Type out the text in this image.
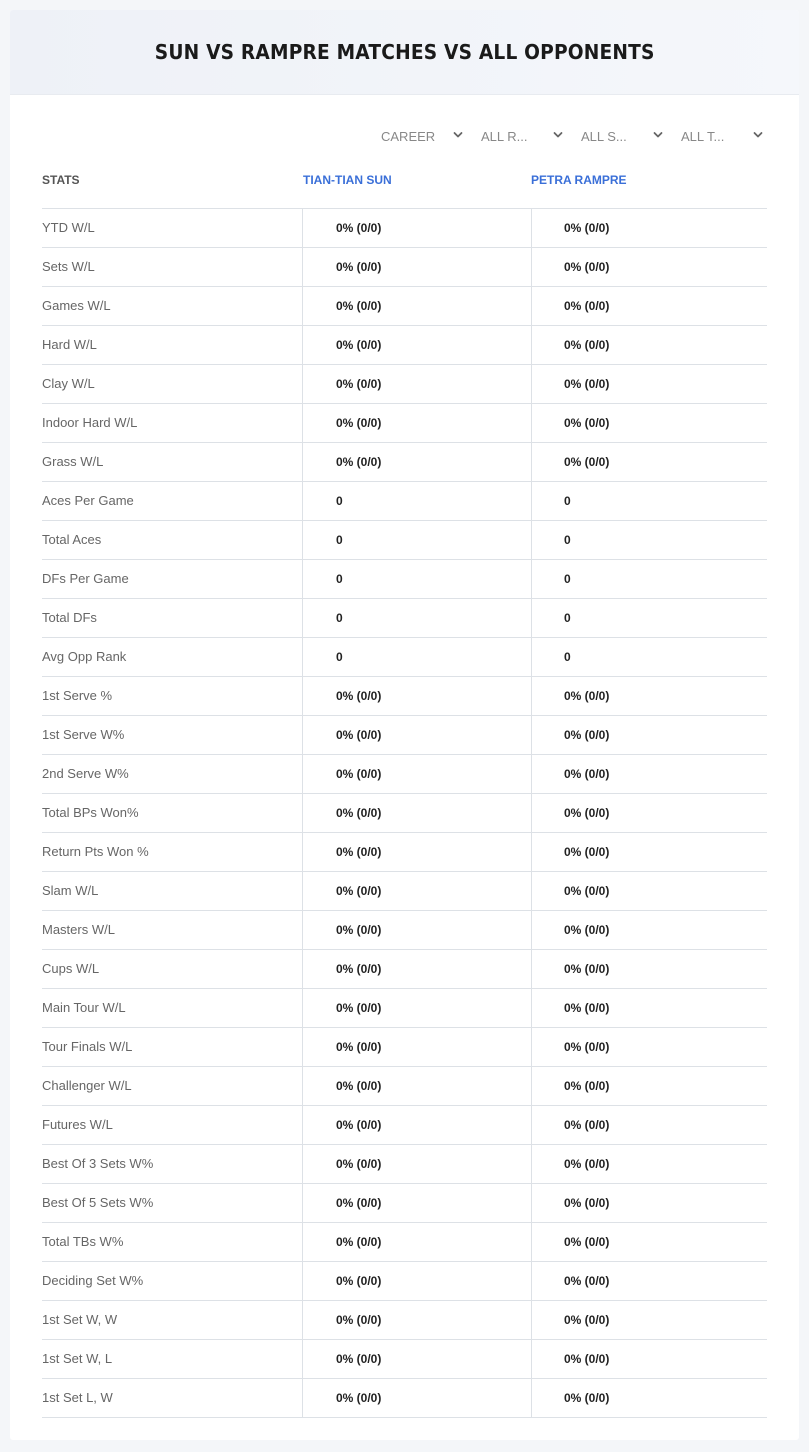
SUN VS RAMPRE MATCHES VS ALL OPPONENTS
CAREER	ALL R...	ALL S...	ALL T...
STATS	TIAN-TIAN SUN	PETRA RAMPRE
YTD W/L	0% (0/0)	0% (0/0)
Sets W/L	0% (0/0)	0% (0/0)
Games W/L	0% (0/0)	0% (0/0)
Hard W/L	0% (0/0)	0% (0/0)
Clay W/L	0% (0/0)	0% (0/0)
Indoor Hard W/L	0% (0/0)	0% (0/0)
Grass W/L	0% (0/0)	0% (0/0)
Aces Per Game	0	0
Total Aces	0	0
DFs Per Game	0	0
Total DFs	0	0
Avg Opp Rank	0	0
1st Serve %	0% (0/0)	0% (0/0)
1st Serve W%	0% (0/0)	0% (0/0)
2nd Serve W%	0% (0/0)	0% (0/0)
Total BPs Won%	0% (0/0)	0% (0/0)
Return Pts Won %	0% (0/0)	0% (0/0)
Slam W/L	0% (0/0)	0% (0/0)
Masters W/L	0% (0/0)	0% (0/0)
Cups W/L	0% (0/0)	0% (0/0)
Main Tour W/L	0% (0/0)	0% (0/0)
Tour Finals W/L	0% (0/0)	0% (0/0)
Challenger W/L	0% (0/0)	0% (0/0)
Futures W/L	0% (0/0)	0% (0/0)
Best Of 3 Sets W%	0% (0/0)	0% (0/0)
Best Of 5 Sets W%	0% (0/0)	0% (0/0)
Total TBs W%	0% (0/0)	0% (0/0)
Deciding Set W%	0% (0/0)	0% (0/0)
1st Set W, W	0% (0/0)	0% (0/0)
1st Set W, L	0% (0/0)	0% (0/0)
1st Set L, W	0% (0/0)	0% (0/0)
